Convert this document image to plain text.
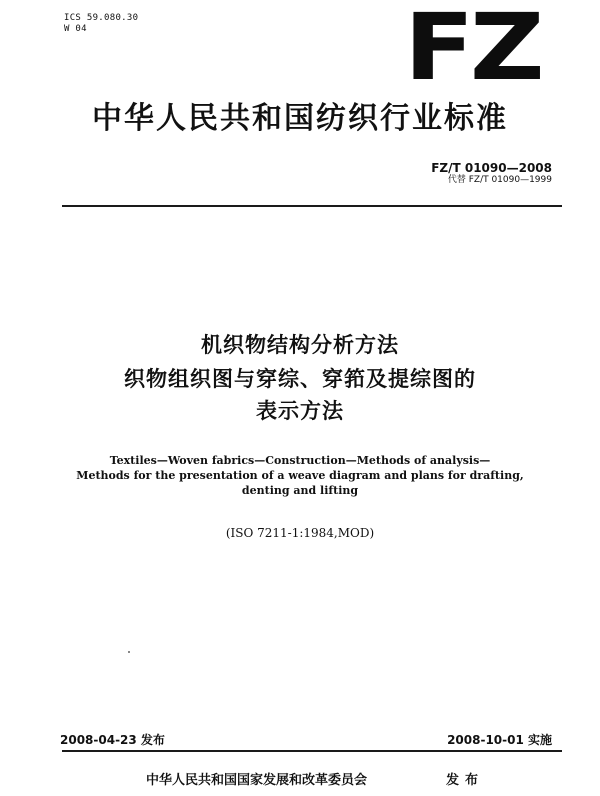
ICS 59.080.30
W 04	FZ
中华人民共和国纺织行业标准
FZ/T 01090—2008
代替 FZ/T 01090—1999
机织物结构分析方法
织物组织图与穿综、穿筘及提综图的
表示方法
Textiles—Woven fabrics—Construction—Methods of analysis—
Methods for the presentation of a weave diagram and plans for drafting,
denting and lifting
(ISO 7211-1:1984,MOD)
2008-04-23 发布	2008-10-01 实施
中华人民共和国国家发展和改革委员会	发布
